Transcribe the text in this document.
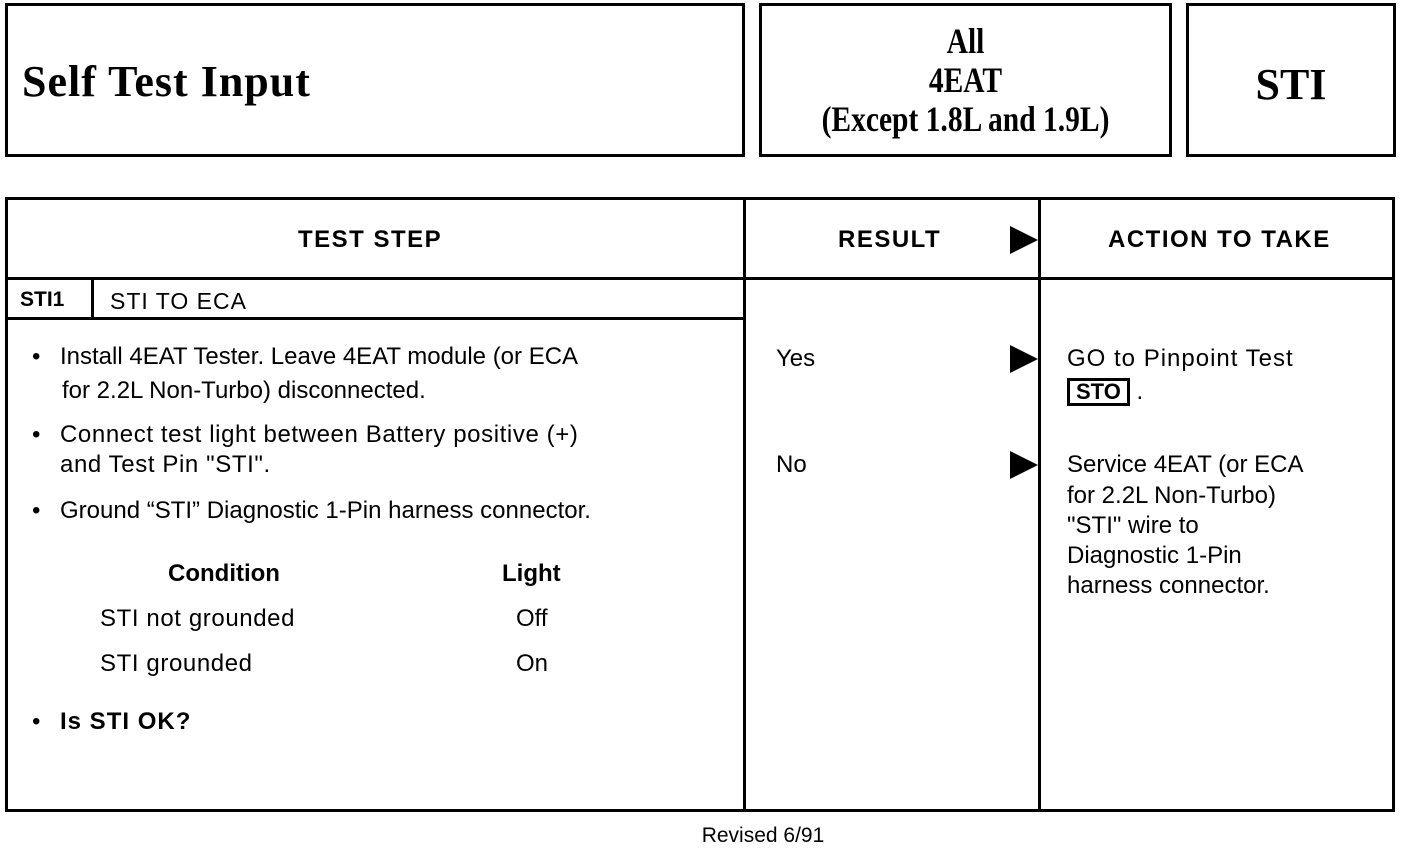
Self Test Input
All
4EAT
(Except 1.8L and 1.9L)
STI
TEST STEP	RESULT	ACTION TO TAKE
STI1 STI TO ECA
• Install 4EAT Tester. Leave 4EAT module (or ECA
for 2.2L Non-Turbo) disconnected.
• Connect test light between Battery positive (+)
and Test Pin "STI".
• Ground “STI” Diagnostic 1-Pin harness connector.
Condition	Light
STI not grounded	Off
STI grounded	On
• Is STI OK?
Yes	GO to Pinpoint Test
STO .
No	Service 4EAT (or ECA
for 2.2L Non-Turbo)
"STI" wire to
Diagnostic 1-Pin
harness connector.
Revised 6/91
